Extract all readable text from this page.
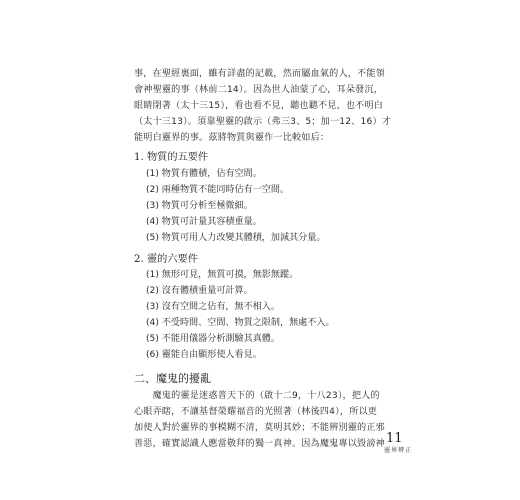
事，在聖經裏面，雖有詳盡的記載，然而屬血氣的人，不能領
會神聖靈的事（林前二14）。因為世人油蒙了心，耳朵發沉，
眼睛閉著（太十三15），看也看不見，聽也聽不見，也不明白
（太十三13）。須靠聖靈的啟示（弗三3、5；加一12、16）才
能明白靈界的事。茲將物質與靈作一比較如后：
1. 物質的五要件
(1) 物質有體積，佔有空間。
(2) 兩種物質不能同時佔有一空間。
(3) 物質可分析至極微細。
(4) 物質可計量其容積重量。
(5) 物質可用人力改變其體積，加減其分量。
2. 靈的六要件
(1) 無形可見，無質可摸，無影無蹤。
(2) 沒有體積重量可計算。
(3) 沒有空間之佔有，無不相入。
(4) 不受時間、空間、物質之限制，無處不入。
(5) 不能用儀器分析測驗其真體。
(6) 靈能自由顯形使人看見。
二、魔鬼的擾亂
　　魔鬼的靈是迷惑普天下的（啟十二9，十八23），把人的
心眼弄瞎，不讓基督榮耀福音的光照著（林後四4），所以更
加使人對於靈界的事模糊不清，莫明其妙；不能辨別靈的正邪
善惡，確實認識人應當敬拜的獨一真神。因為魔鬼專以毀謗神 11
靈界辨正
